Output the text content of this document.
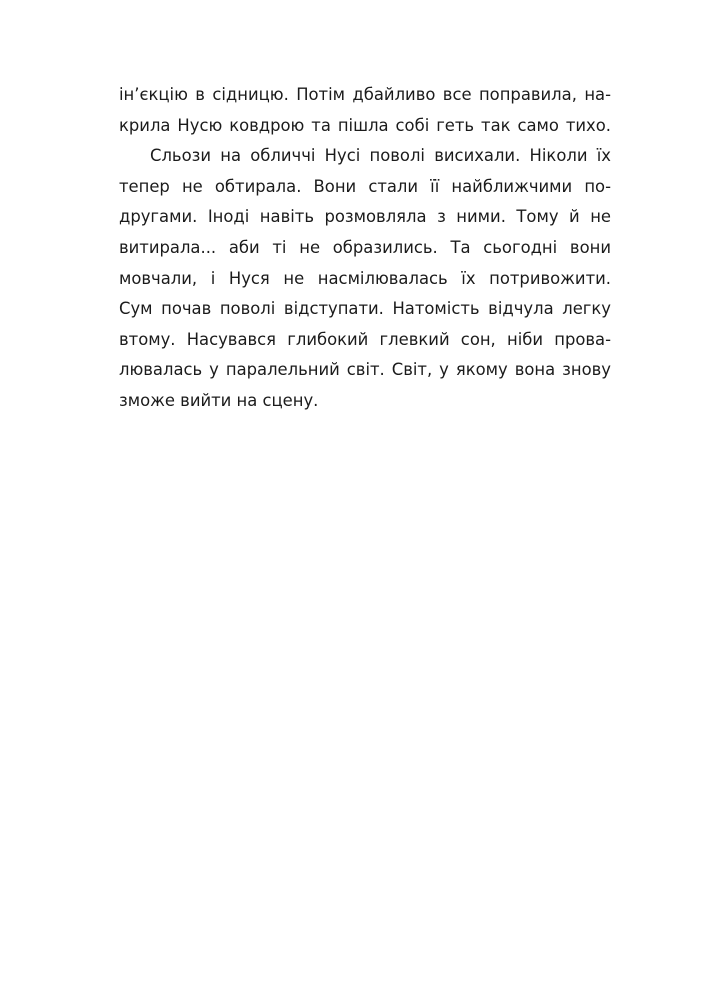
ін’єкцію в сідницю. Потім дбайливо все поправила, на-
крила Нусю ковдрою та пішла собі геть так само тихо.
Сльози на обличчі Нусі поволі висихали. Ніколи їх
тепер не обтирала. Вони стали її найближчими по-
другами. Іноді навіть розмовляла з ними. Тому й не
витирала... аби ті не образились. Та сьогодні вони
мовчали, і Нуся не насмілювалась їх потривожити.
Сум почав поволі відступати. Натомість відчула легку
втому. Насувався глибокий глевкий сон, ніби прова-
лювалась у паралельний світ. Світ, у якому вона знову
зможе вийти на сцену.
